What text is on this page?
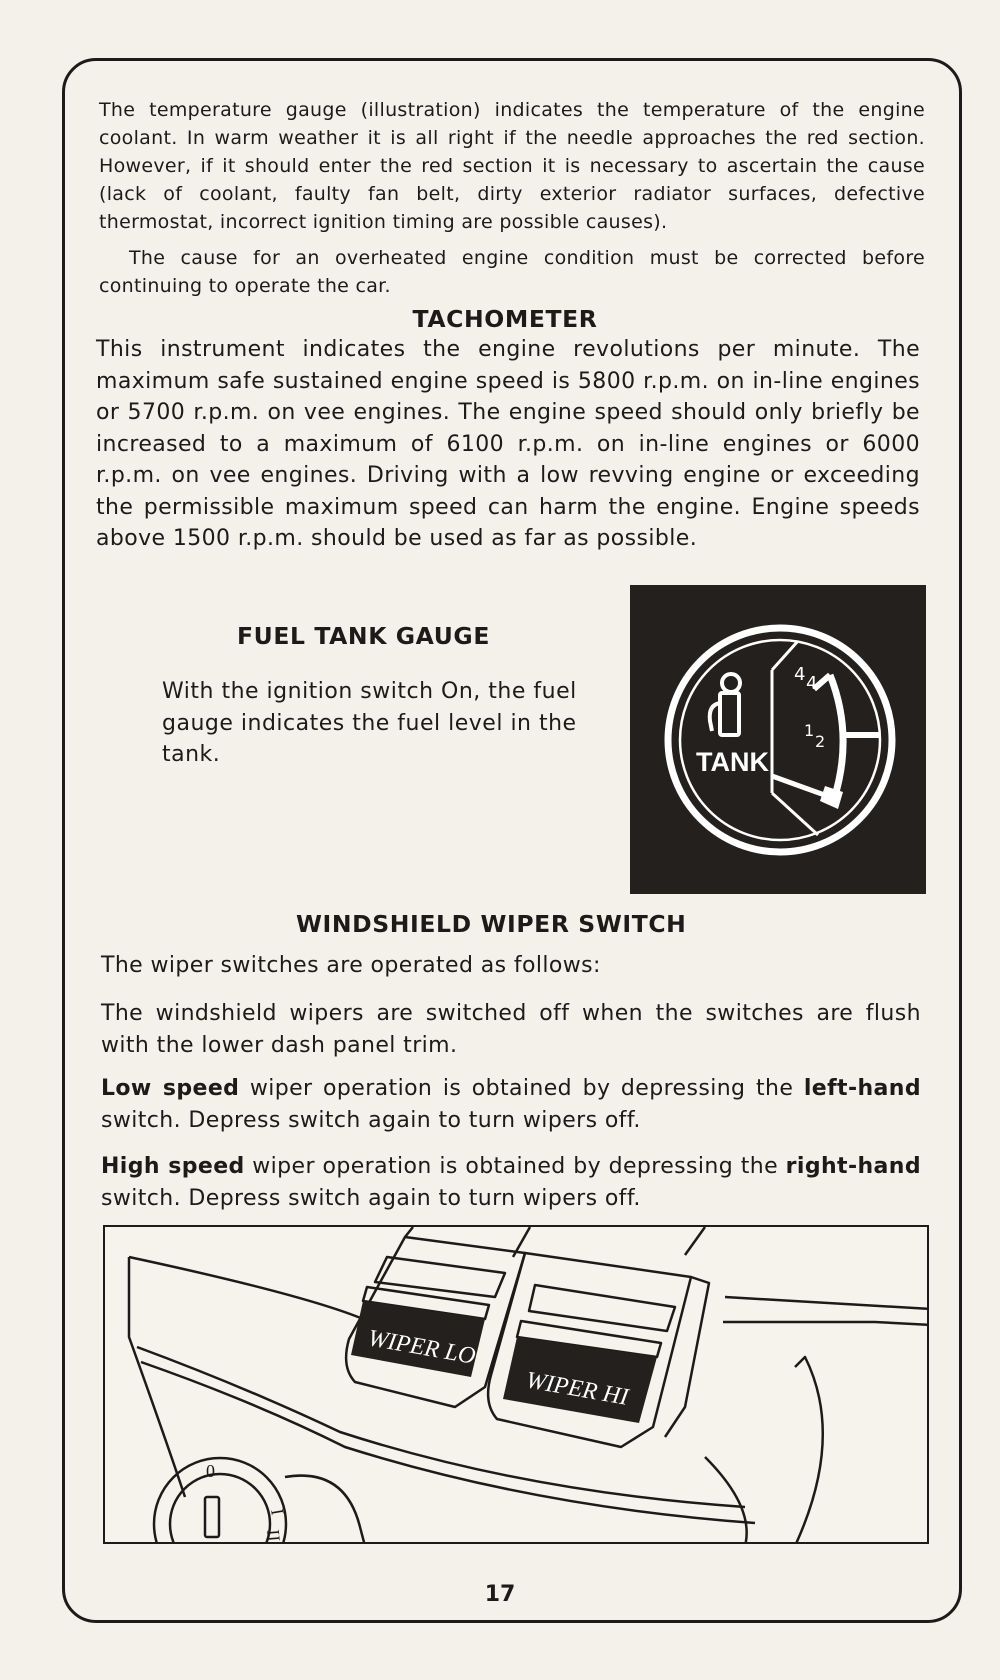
The temperature gauge (illustration) indicates the temperature of the engine coolant. In warm weather it is all right if the needle approaches the red section. However, if it should enter the red section it is necessary to ascertain the cause (lack of coolant, faulty fan belt, dirty exterior radiator surfaces, defective thermostat, incorrect ignition timing are possible causes).

The cause for an overheated engine condition must be corrected before continuing to operate the car.

TACHOMETER

This instrument indicates the engine revolutions per minute. The maximum safe sustained engine speed is 5800 r.p.m. on in-line engines or 5700 r.p.m. on vee engines. The engine speed should only briefly be increased to a maximum of 6100 r.p.m. on in-line engines or 6000 r.p.m. on vee engines. Driving with a low revving engine or exceeding the permissible maximum speed can harm the engine. Engine speeds above 1500 r.p.m. should be used as far as possible.

FUEL TANK GAUGE

With the ignition switch On, the fuel gauge indicates the fuel level in the tank.	TANK
4 4
1
2
WINDSHIELD WIPER SWITCH

The wiper switches are operated as follows:

The windshield wipers are switched off when the switches are flush with the lower dash panel trim.

Low speed wiper operation is obtained by depressing the left-hand switch. Depress switch again to turn wipers off.

High speed wiper operation is obtained by depressing the right-hand switch. Depress switch again to turn wipers off.

WIPER LO
WIPER HI
0
I
II

17
